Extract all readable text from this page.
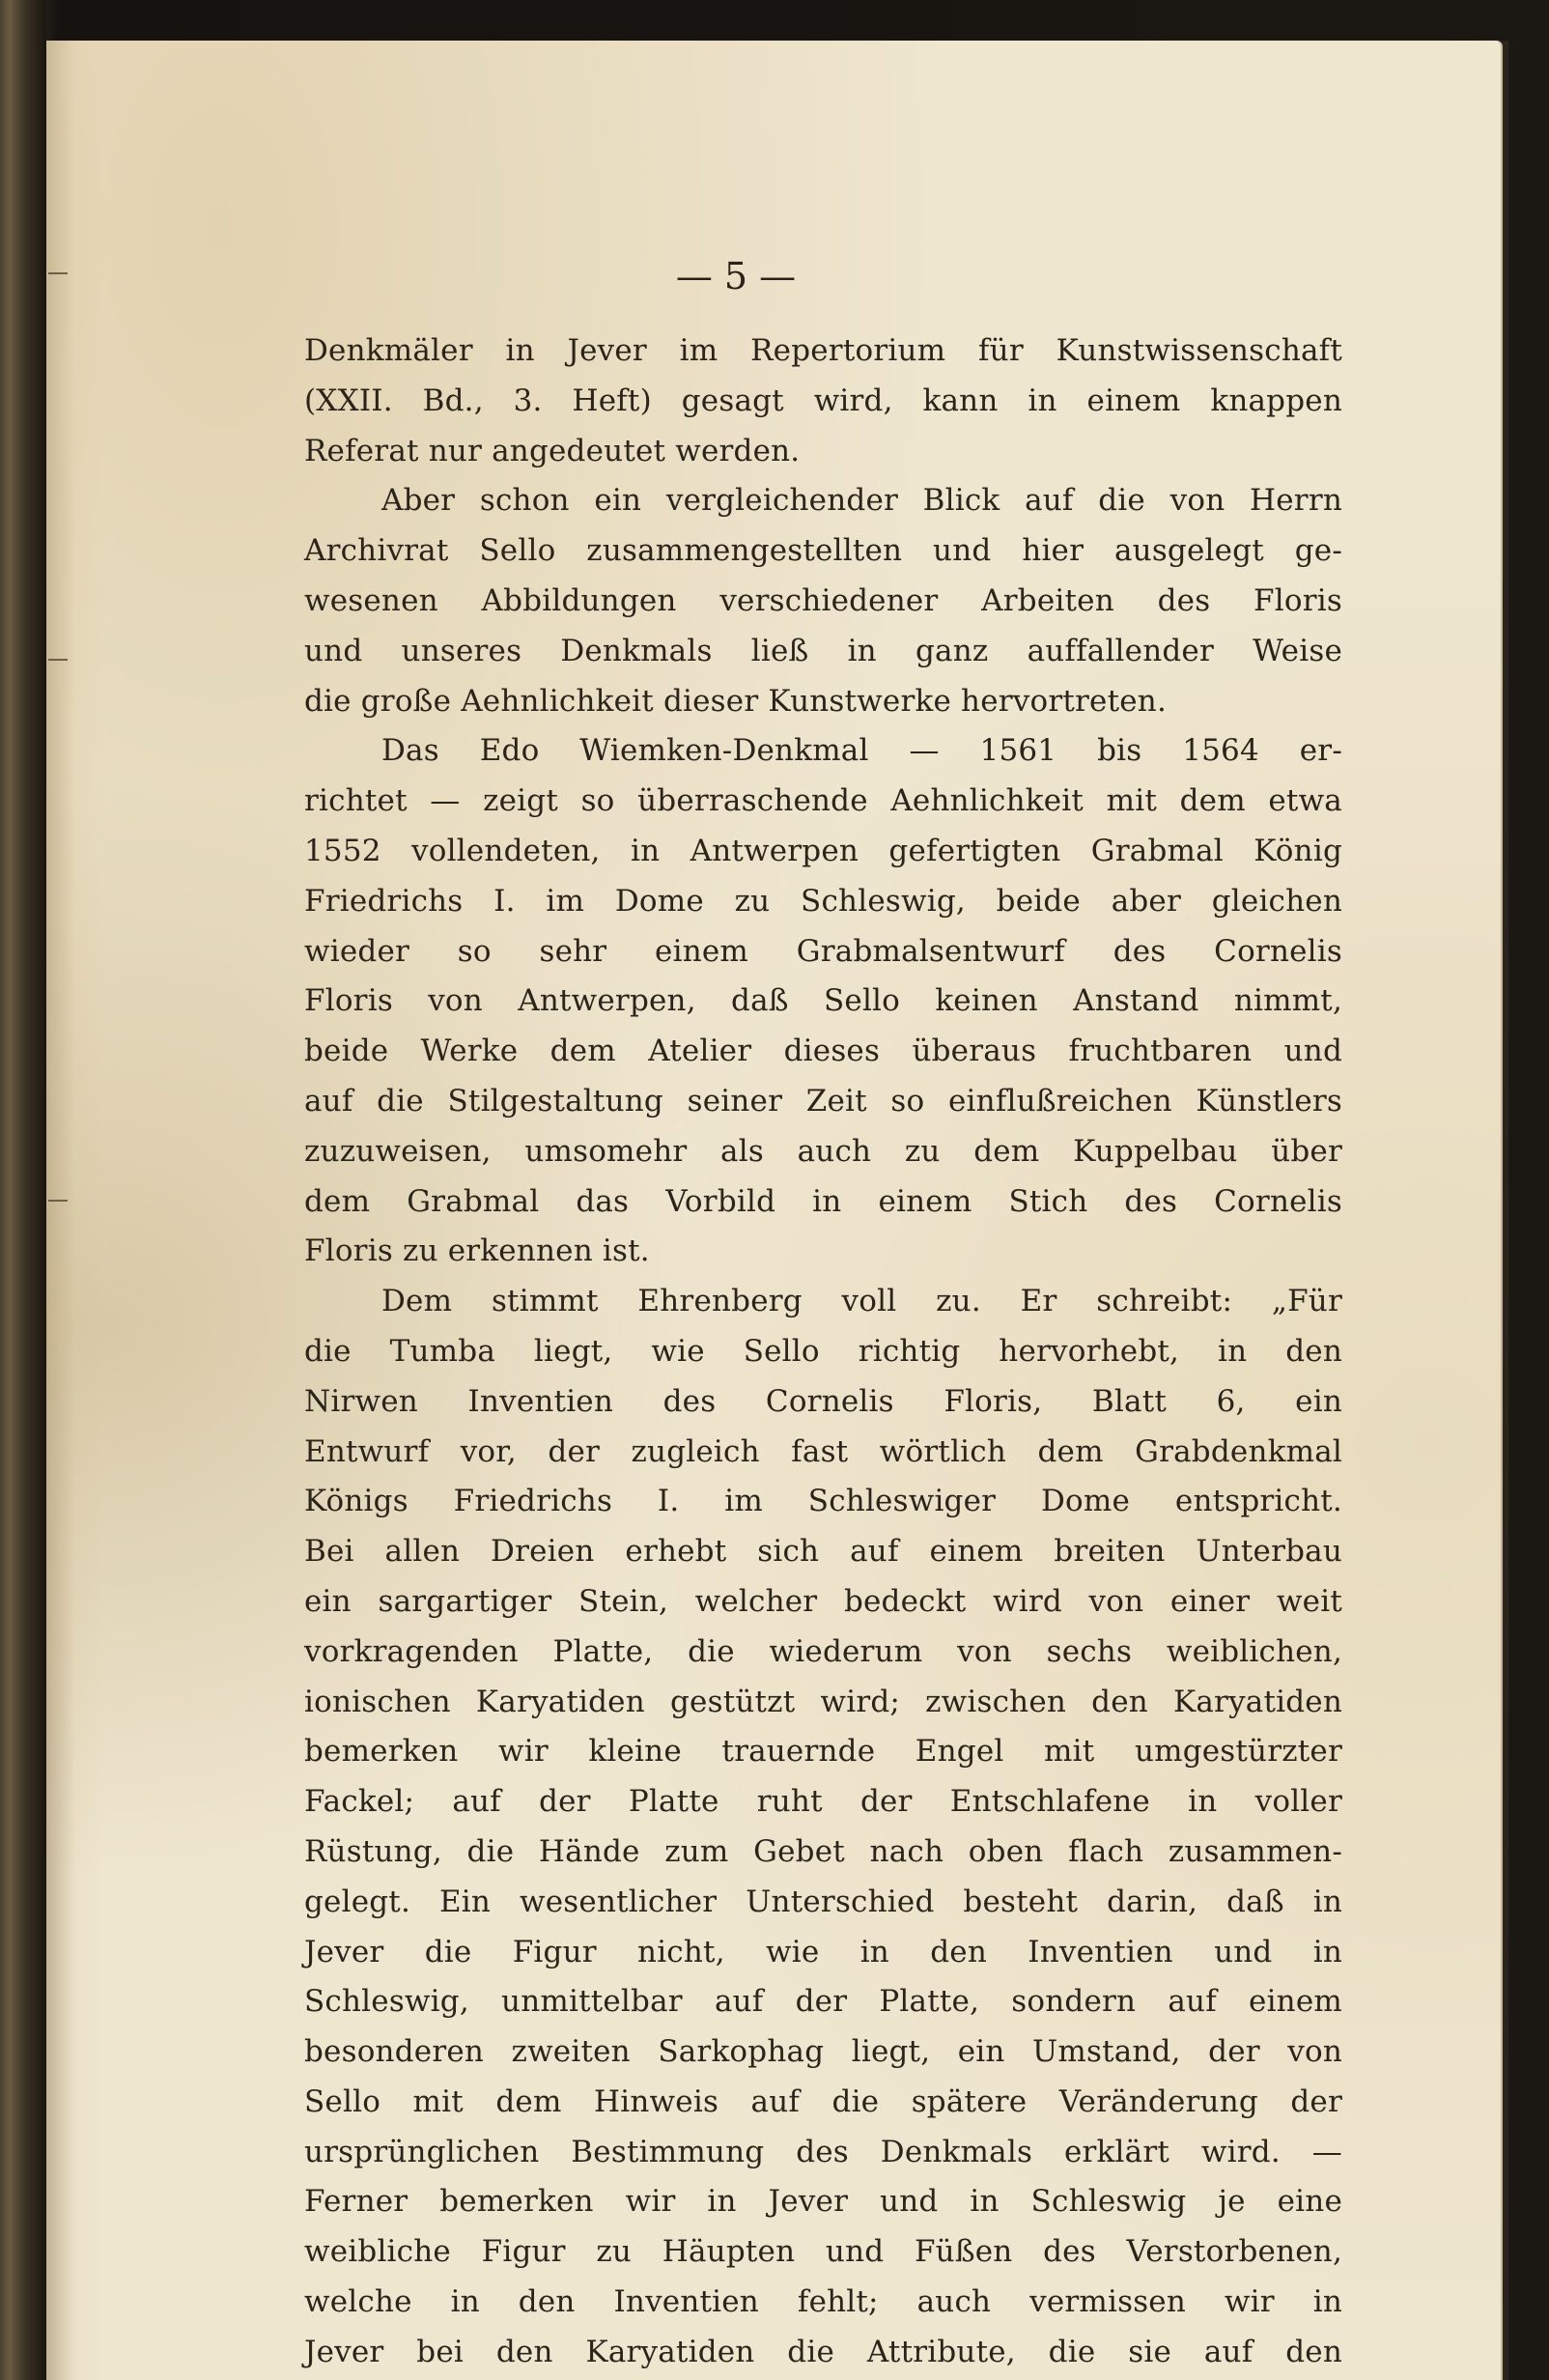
— 5 —
Denkmäler in Jever im Repertorium für Kunstwissenschaft
(XXII. Bd., 3. Heft) gesagt wird, kann in einem knappen
Referat nur angedeutet werden.
Aber schon ein vergleichender Blick auf die von Herrn
Archivrat Sello zusammengestellten und hier ausgelegt ge-
wesenen Abbildungen verschiedener Arbeiten des Floris
und unseres Denkmals ließ in ganz auffallender Weise
die große Aehnlichkeit dieser Kunstwerke hervortreten.
Das Edo Wiemken-Denkmal — 1561 bis 1564 er-
richtet — zeigt so überraschende Aehnlichkeit mit dem etwa
1552 vollendeten, in Antwerpen gefertigten Grabmal König
Friedrichs I. im Dome zu Schleswig, beide aber gleichen
wieder so sehr einem Grabmalsentwurf des Cornelis
Floris von Antwerpen, daß Sello keinen Anstand nimmt,
beide Werke dem Atelier dieses überaus fruchtbaren und
auf die Stilgestaltung seiner Zeit so einflußreichen Künstlers
zuzuweisen, umsomehr als auch zu dem Kuppelbau über
dem Grabmal das Vorbild in einem Stich des Cornelis
Floris zu erkennen ist.
Dem stimmt Ehrenberg voll zu. Er schreibt: „Für
die Tumba liegt, wie Sello richtig hervorhebt, in den
Nirwen Inventien des Cornelis Floris, Blatt 6, ein
Entwurf vor, der zugleich fast wörtlich dem Grabdenkmal
Königs Friedrichs I. im Schleswiger Dome entspricht.
Bei allen Dreien erhebt sich auf einem breiten Unterbau
ein sargartiger Stein, welcher bedeckt wird von einer weit
vorkragenden Platte, die wiederum von sechs weiblichen,
ionischen Karyatiden gestützt wird; zwischen den Karyatiden
bemerken wir kleine trauernde Engel mit umgestürzter
Fackel; auf der Platte ruht der Entschlafene in voller
Rüstung, die Hände zum Gebet nach oben flach zusammen-
gelegt. Ein wesentlicher Unterschied besteht darin, daß in
Jever die Figur nicht, wie in den Inventien und in
Schleswig, unmittelbar auf der Platte, sondern auf einem
besonderen zweiten Sarkophag liegt, ein Umstand, der von
Sello mit dem Hinweis auf die spätere Veränderung der
ursprünglichen Bestimmung des Denkmals erklärt wird. —
Ferner bemerken wir in Jever und in Schleswig je eine
weibliche Figur zu Häupten und Füßen des Verstorbenen,
welche in den Inventien fehlt; auch vermissen wir in
Jever bei den Karyatiden die Attribute, die sie auf den
